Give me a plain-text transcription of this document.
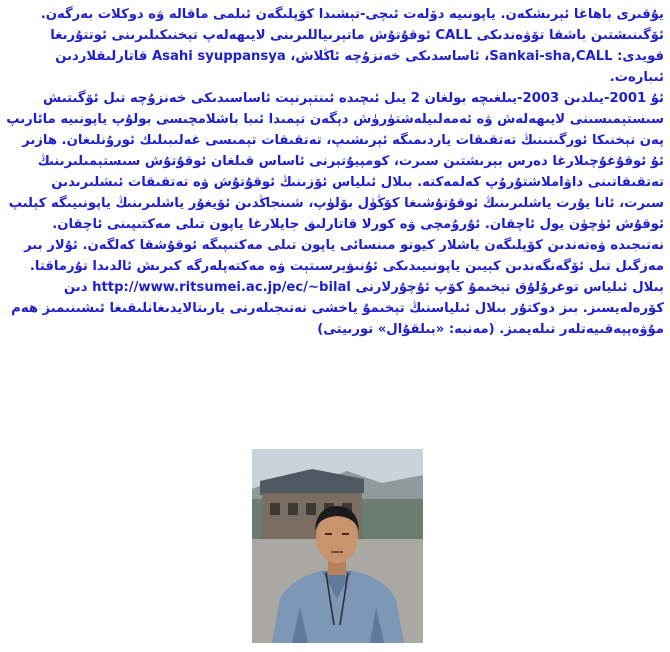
يۇقىرى باھاغا ئېرىشكەن. ياپونىيە دۆلەت ئىچى-تېشىدا كۆپلىگەن ئىلمى ماقالە ۋە دوكلات بەرگەن. ئۆگىنىشتىن باشقا تۆۋەندىكى CALL ئوقۇتۇش ماتېرىياللىرىنى لايىھەلەپ تېخنىكىلىرىنى ئوتتۇرىغا قويدى: Sankai-sha,CALL، ئاساسدىكى خەنزۇچە ئاڭلاش، Asahi syuppansya قاتارلىقلاردىن ئىبارەت.

ئۇ 2001-يىلدىن 2003-يىلغىچە بولغان 2 يىل ئىچىدە ئىنتېرنېت ئاساسىدىكى خەنزۇچە تىل ئۆگىتىش سىستېمىسىنى لايىھەلەش ۋە ئەمەلىيلەشتۈرۈش دېگەن تېمىدا ئىبا باشلامچىسى بولۇپ ياپونىيە مائارىپ پەن تېخنىكا ئورگىنىنىڭ تەتقىقات ياردىمىگە ئېرىشىپ، تەتقىقات تېمىسى غەلىبىلىك ئورۇنلىغان. ھازىر ئۇ ئوقۇغۇچىلارغا دەرس بېرىشتىن سىرت، كومپيۇتېرنى ئاساس قىلغان ئوقۇتۇش سىستېمىلىرىنىڭ تەتقىقاتىنى داۋاملاشتۇرۇپ كەلمەكتە. بىلال ئىلياس ئۆزىنىڭ ئوقۇتۇش ۋە تەتقىقات ئىشلىرىدىن سىرت، ئانا يۇرت ياشلىرىنىڭ ئوقۇتۇشىغا كۆڭۈل بۆلۈپ، شىنجاڭدىن ئۆيغۇر ياشلىرىنىڭ ياپونىيىگە كېلىپ ئوقۇش ئۈچۈن يول ئاچقان. ئۇرۇمچى ۋە كورلا قاتارلىق جايلارغا ياپون تىلى مەكتىپىنى ئاچقان. نەتىجىدە ۋەتەندىن كۆپلىگەن ياشلار كيوتو مىنسائى ياپون تىلى مەكتىپىگە ئوقۇشقا كەلگەن. ئۇلار بىر مەزگىل تىل ئۆگەنگەندىن كېيىن ياپونىيىدىكى ئۇنىۋېرسىتېت ۋە مەكتەپلەرگە كىرىش ئالدىدا تۇرماقتا. بىلال ئىلياس توغرۇلۇق تېخىمۇ كۆپ ئۇچۇرلارنى http://www.ritsumei.ac.jp/ec/~bilal دىن كۆرەلەيسىز. بىز دوكتۇر بىلال ئىلياسنىڭ تېخىمۇ ياخشى نەتىجىلەرنى يارىتالايدىغانلىقىغا ئىشىنىمىز ھەم مۇۋەپپەقىيەتلەر تىلەيمىز. (مەنبە: «بىلقۇال» تورىيتى)
